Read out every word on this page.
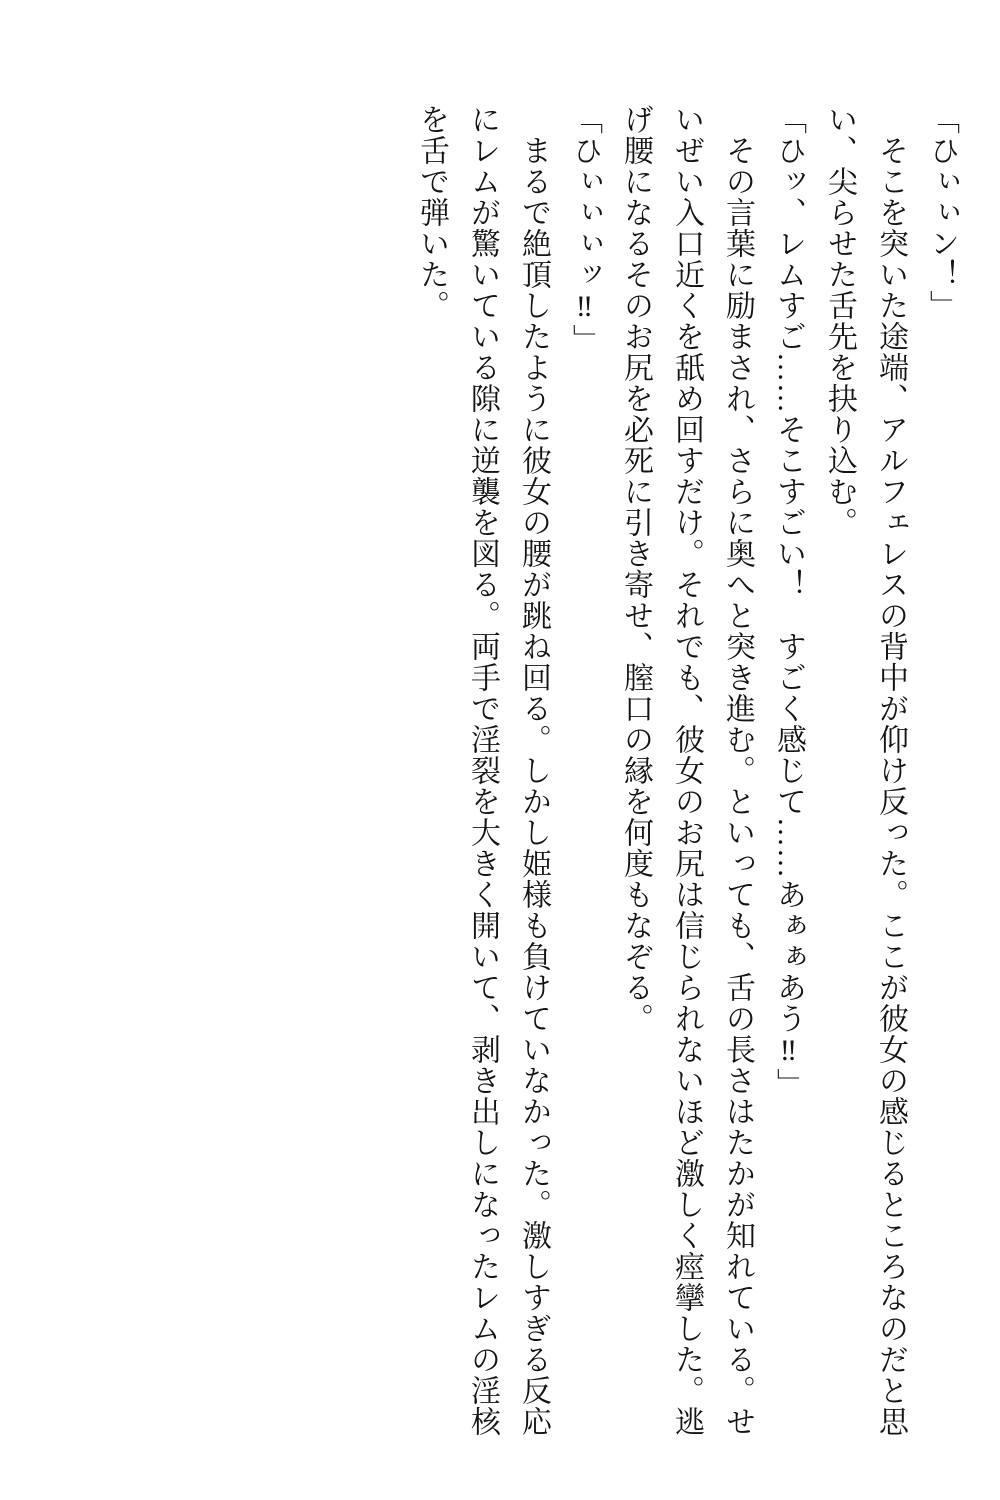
「ひぃぃン！」
　そこを突いた途端、アルフェレスの背中が仰け反った。ここが彼女の感じるところなのだと思
い、尖らせた舌先を抉り込む。
「ひッ、レムすご……そこすごい！　すごく感じて……あぁぁあう‼」
　その言葉に励まされ、さらに奥へと突き進む。といっても、舌の長さはたかが知れている。せ
いぜい入口近くを舐め回すだけ。それでも、彼女のお尻は信じられないほど激しく痙攣した。逃
げ腰になるそのお尻を必死に引き寄せ、膣口の縁を何度もなぞる。
「ひぃぃぃッ‼」
　まるで絶頂したように彼女の腰が跳ね回る。しかし姫様も負けていなかった。激しすぎる反応
にレムが驚いている隙に逆襲を図る。両手で淫裂を大きく開いて、剥き出しになったレムの淫核
を舌で弾いた。
